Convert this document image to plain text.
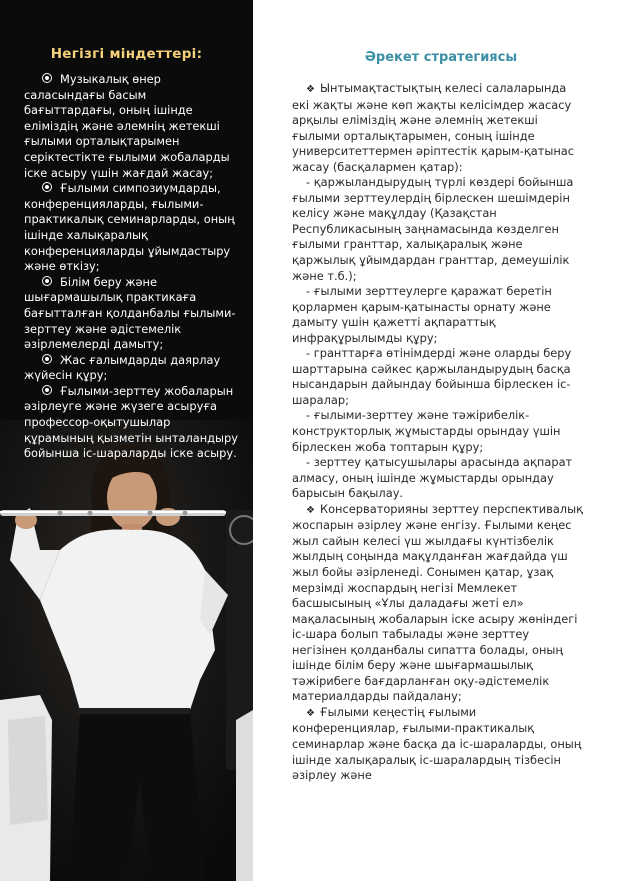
Негізгі міндеттері:

Музыкалық өнер саласындағы басым бағыттардағы, оның ішінде еліміздің және әлемнің жетекші ғылыми орталықтарымен серіктестікте ғылыми жобаларды іске асыру үшін жағдай жасау;

Ғылыми симпозиумдарды, конференцияларды, ғылыми-практикалық семинарларды, оның ішінде халықаралық конференцияларды ұйымдастыру және өткізу;

Білім беру және шығармашылық практикаға бағытталған қолданбалы ғылыми-зерттеу және әдістемелік әзірлемелерді дамыту;

Жас ғалымдарды даярлау жүйесін құру;

Ғылыми-зерттеу жобаларын әзірлеуге және жүзеге асыруға профессор-оқытушылар құрамының қызметін ынталандыру бойынша іс-шараларды іске асыру.

Әрекет стратегиясы

❖ Ынтымақтастықтың келесі салаларында екі жақты және көп жақты келісімдер жасасу арқылы еліміздің және әлемнің жетекші ғылыми орталықтарымен, соның ішінде университеттермен әріптестік қарым-қатынас жасау (басқалармен қатар):

- қаржыландырудың түрлі көздері бойынша ғылыми зерттеулердің бірлескен шешімдерін келісу және мақұлдау (Қазақстан Республикасының заңнамасында көзделген ғылыми гранттар, халықаралық және қаржылық ұйымдардан гранттар, демеушілік және т.б.);

- ғылыми зерттеулерге қаражат беретін қорлармен қарым-қатынасты орнату және дамыту үшін қажетті ақпараттық инфрақұрылымды құру;

- гранттарға өтінімдерді және оларды беру шарттарына сәйкес қаржыландырудың басқа нысандарын дайындау бойынша бірлескен іс-шаралар;

- ғылыми-зерттеу және тәжірибелік-конструкторлық жұмыстарды орындау үшін бірлескен жоба топтарын құру;

- зерттеу қатысушылары арасында ақпарат алмасу, оның ішінде жұмыстарды орындау барысын бақылау.

❖ Консерваторияны зерттеу перспективалық жоспарын әзірлеу және енгізу. Ғылыми кеңес жыл сайын келесі үш жылдағы күнтізбелік жылдың соңында мақұлданған жағдайда үш жыл бойы әзірленеді. Сонымен қатар, ұзақ мерзімді жоспардың негізі Мемлекет басшысының «Ұлы даладағы жеті ел» мақаласының жобаларын іске асыру жөніндегі іс-шара болып табылады және зерттеу негізінен қолданбалы сипатта болады, оның ішінде білім беру және шығармашылық тәжірибеге бағдарланған оқу-әдістемелік материалдарды пайдалану;

❖ Ғылыми кеңестің ғылыми конференциялар, ғылыми-практикалық семинарлар және басқа да іс-шараларды, оның ішінде халықаралық іс-шаралардың тізбесін әзірлеу және
